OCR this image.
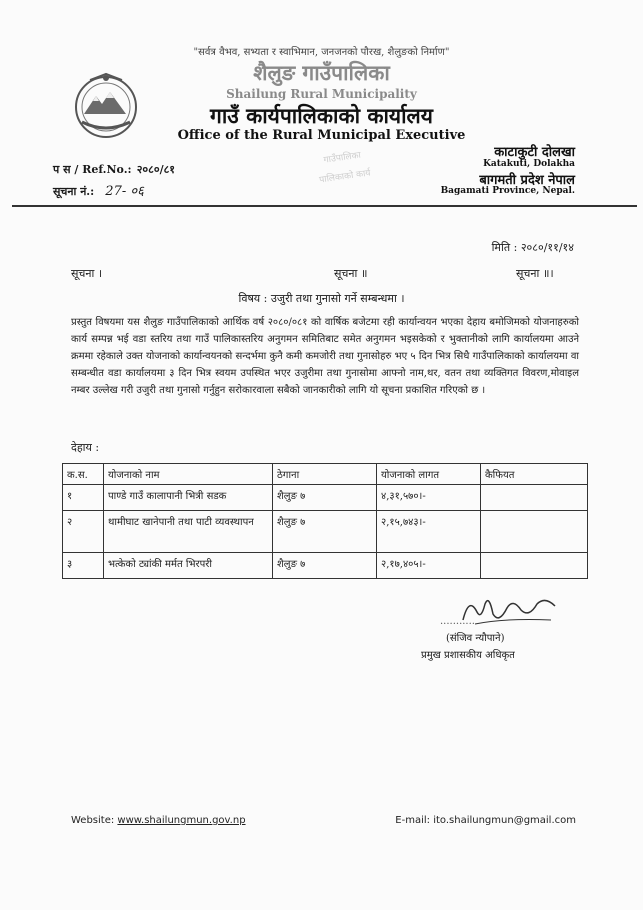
"सर्वत्र वैभव, सभ्यता र स्वाभिमान, जनजनको पौरख, शैलुङको निर्माण"
शैलुङ गाउँपालिका
Shailung Rural Municipality
गाउँ कार्यपालिकाको कार्यालय
Office of the Rural Municipal Executive
प स / Ref.No.: २०८०/८१
सूचना नं.: 27- ०६
गाउँपालिका
पालिकाको कार्य
काटाकुटी दोलखा
Katakuti, Dolakha
बागमती प्रदेश नेपाल
Bagamati Province, Nepal.
मिति : २०८०/११/१४
सूचना ।	सूचना ॥	सूचना ॥।
विषय : उजुरी तथा गुनासो गर्ने सम्बन्धमा ।
प्रस्तुत विषयमा यस शैलुङ गाउँपालिकाको आर्थिक वर्ष २०८०/०८१ को वार्षिक बजेटमा रही कार्यान्वयन भएका देहाय बमोजिमको योजनाहरुको कार्य सम्पन्न भई वडा स्तरिय तथा गाउँ पालिकास्तरिय अनुगमन समितिबाट समेत अनुगमन भइसकेको र भुक्तानीको लागि कार्यालयमा आउने क्रममा रहेकाले उक्त योजनाको कार्यान्वयनको सन्दर्भमा कुनै कमी कमजोरी तथा गुनासोहरु भए ५ दिन भित्र सिधै गाउँपालिकाको कार्यालयमा वा सम्बन्धीत वडा कार्यालयमा ३ दिन भित्र स्वयम उपस्थित भएर उजुरीमा तथा गुनासोमा आफ्नो नाम,थर, वतन तथा व्यक्तिगत विवरण,मोवाइल नम्बर उल्लेख गरी उजुरी तथा गुनासो गर्नुहुन सरोकारवाला सबैको जानकारीको लागि यो सूचना प्रकाशित गरिएको छ ।
देहाय :
क.स.	योजनाको नाम	ठेगाना	योजनाको लागत	कैफियत
१	पाण्डे गाउँ कालापानी भित्री सडक	शैलुङ ७	४,३१,५७०।-	
२	थामीघाट खानेपानी तथा पाटी व्यवस्थापन	शैलुङ ७	२,१५,७४३।-	
३	भत्केको ट्यांकी मर्मत भिरपरी	शैलुङ ७	२,१७,४०५।-	
...........
(संजिव न्यौपाने)
प्रमुख प्रशासकीय अधिकृत
Website: www.shailungmun.gov.np	E-mail: ito.shailungmun@gmail.com
